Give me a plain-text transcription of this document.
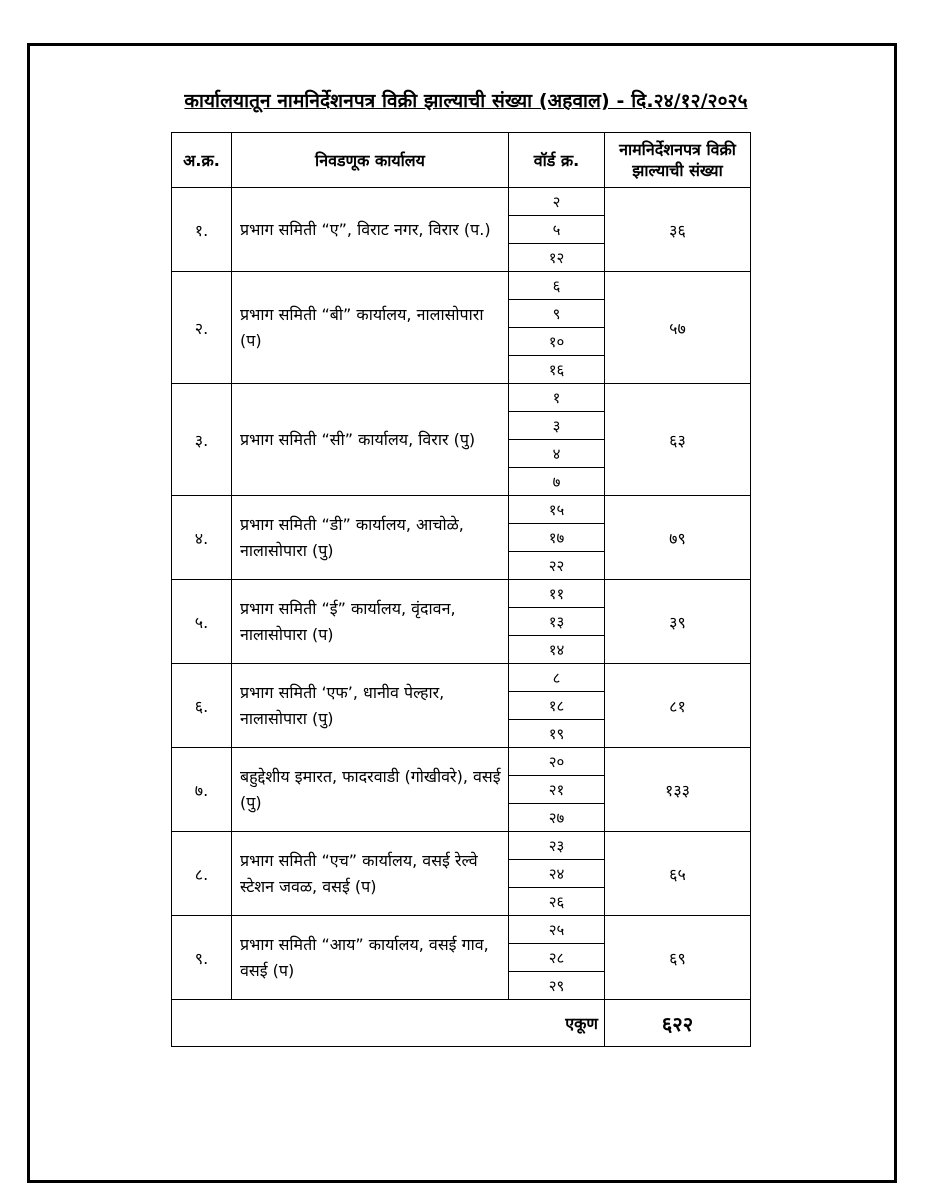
कार्यालयातून नामनिर्देशनपत्र विक्री झाल्याची संख्या (अहवाल) - दि.२४/१२/२०२५
अ.क्र.	निवडणूक कार्यालय	वॉर्ड क्र.	नामनिर्देशनपत्र विक्री झाल्याची संख्या
१.	प्रभाग समिती “ए”, विराट नगर, विरार (प.)	२	३६
		५	
		१२	
२.	प्रभाग समिती “बी” कार्यालय, नालासोपारा (प)	६	५७
		९	
		१०	
		१६	
३.	प्रभाग समिती “सी” कार्यालय, विरार (पु)	१	६३
		३	
		४	
		७	
४.	प्रभाग समिती “डी” कार्यालय, आचोळे, नालासोपारा (पु)	१५	७९
		१७	
		२२	
५.	प्रभाग समिती “ई” कार्यालय, वृंदावन, नालासोपारा (प)	११	३९
		१३	
		१४	
६.	प्रभाग समिती ‘एफ’, धानीव पेल्हार, नालासोपारा (पु)	८	८१
		१८	
		१९	
७.	बहुद्देशीय इमारत, फादरवाडी (गोखीवरे), वसई (पु)	२०	१३३
		२१	
		२७	
८.	प्रभाग समिती “एच” कार्यालय, वसई रेल्वे स्टेशन जवळ, वसई (प)	२३	६५
		२४	
		२६	
९.	प्रभाग समिती “आय” कार्यालय, वसई गाव, वसई (प)	२५	६९
		२८	
		२९	
एकूण			६२२
